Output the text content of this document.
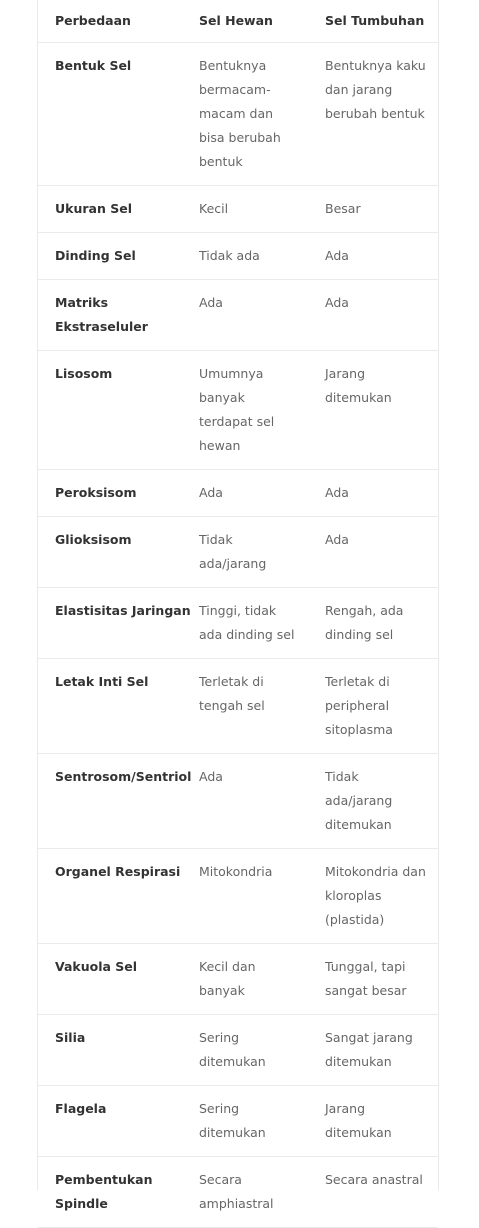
Perbedaan	Sel Hewan	Sel Tumbuhan
Bentuk Sel	Bentuknya bermacam-macam dan bisa berubah bentuk	Bentuknya kaku dan jarang berubah bentuk
Ukuran Sel	Kecil	Besar
Dinding Sel	Tidak ada	Ada
Matriks Ekstraseluler	Ada	Ada
Lisosom	Umumnya banyak terdapat sel hewan	Jarang ditemukan
Peroksisom	Ada	Ada
Glioksisom	Tidak ada/jarang	Ada
Elastisitas Jaringan	Tinggi, tidak ada dinding sel	Rengah, ada dinding sel
Letak Inti Sel	Terletak di tengah sel	Terletak di peripheral sitoplasma
Sentrosom/Sentriol	Ada	Tidak ada/jarang ditemukan
Organel Respirasi	Mitokondria	Mitokondria dan kloroplas (plastida)
Vakuola Sel	Kecil dan banyak	Tunggal, tapi sangat besar
Silia	Sering ditemukan	Sangat jarang ditemukan
Flagela	Sering ditemukan	Jarang ditemukan
Pembentukan Spindle	Secara amphiastral	Secara anastral
